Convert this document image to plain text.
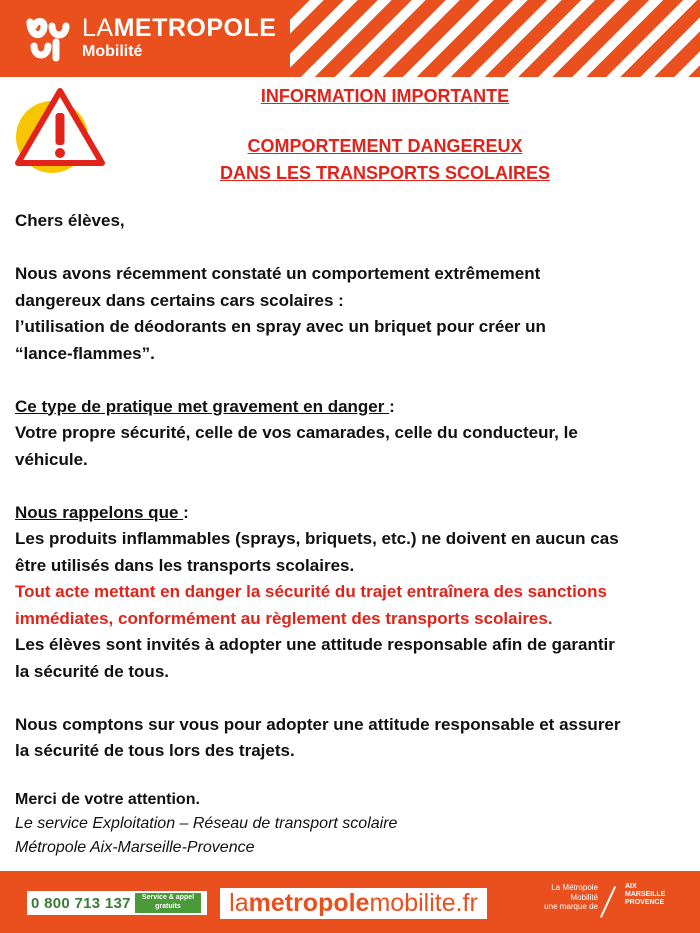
LAMETROPOLE
Mobilité
INFORMATION IMPORTANTE
COMPORTEMENT DANGEREUX
DANS LES TRANSPORTS SCOLAIRES

Chers élèves,

Nous avons récemment constaté un comportement extrêmement

dangereux dans certains cars scolaires :

l’utilisation de déodorants en spray avec un briquet pour créer un

“lance-flammes”.

Ce type de pratique met gravement en danger :

Votre propre sécurité, celle de vos camarades, celle du conducteur, le

véhicule.

Nous rappelons que :

Les produits inflammables (sprays, briquets, etc.) ne doivent en aucun cas

être utilisés dans les transports scolaires.

Tout acte mettant en danger la sécurité du trajet entraînera des sanctions

immédiates, conformément au règlement des transports scolaires.

Les élèves sont invités à adopter une attitude responsable afin de garantir

la sécurité de tous.

Nous comptons sur vous pour adopter une attitude responsable et assurer

la sécurité de tous lors des trajets.

Merci de votre attention.
Le service Exploitation – Réseau de transport scolaire
Métropole Aix-Marseille-Provence
0 800 713 137	Service & appel
gratuits	la metropole mobilite.fr
La Métropole
Mobilité
une marque de
AIX
MARSEILLE
PROVENCE
